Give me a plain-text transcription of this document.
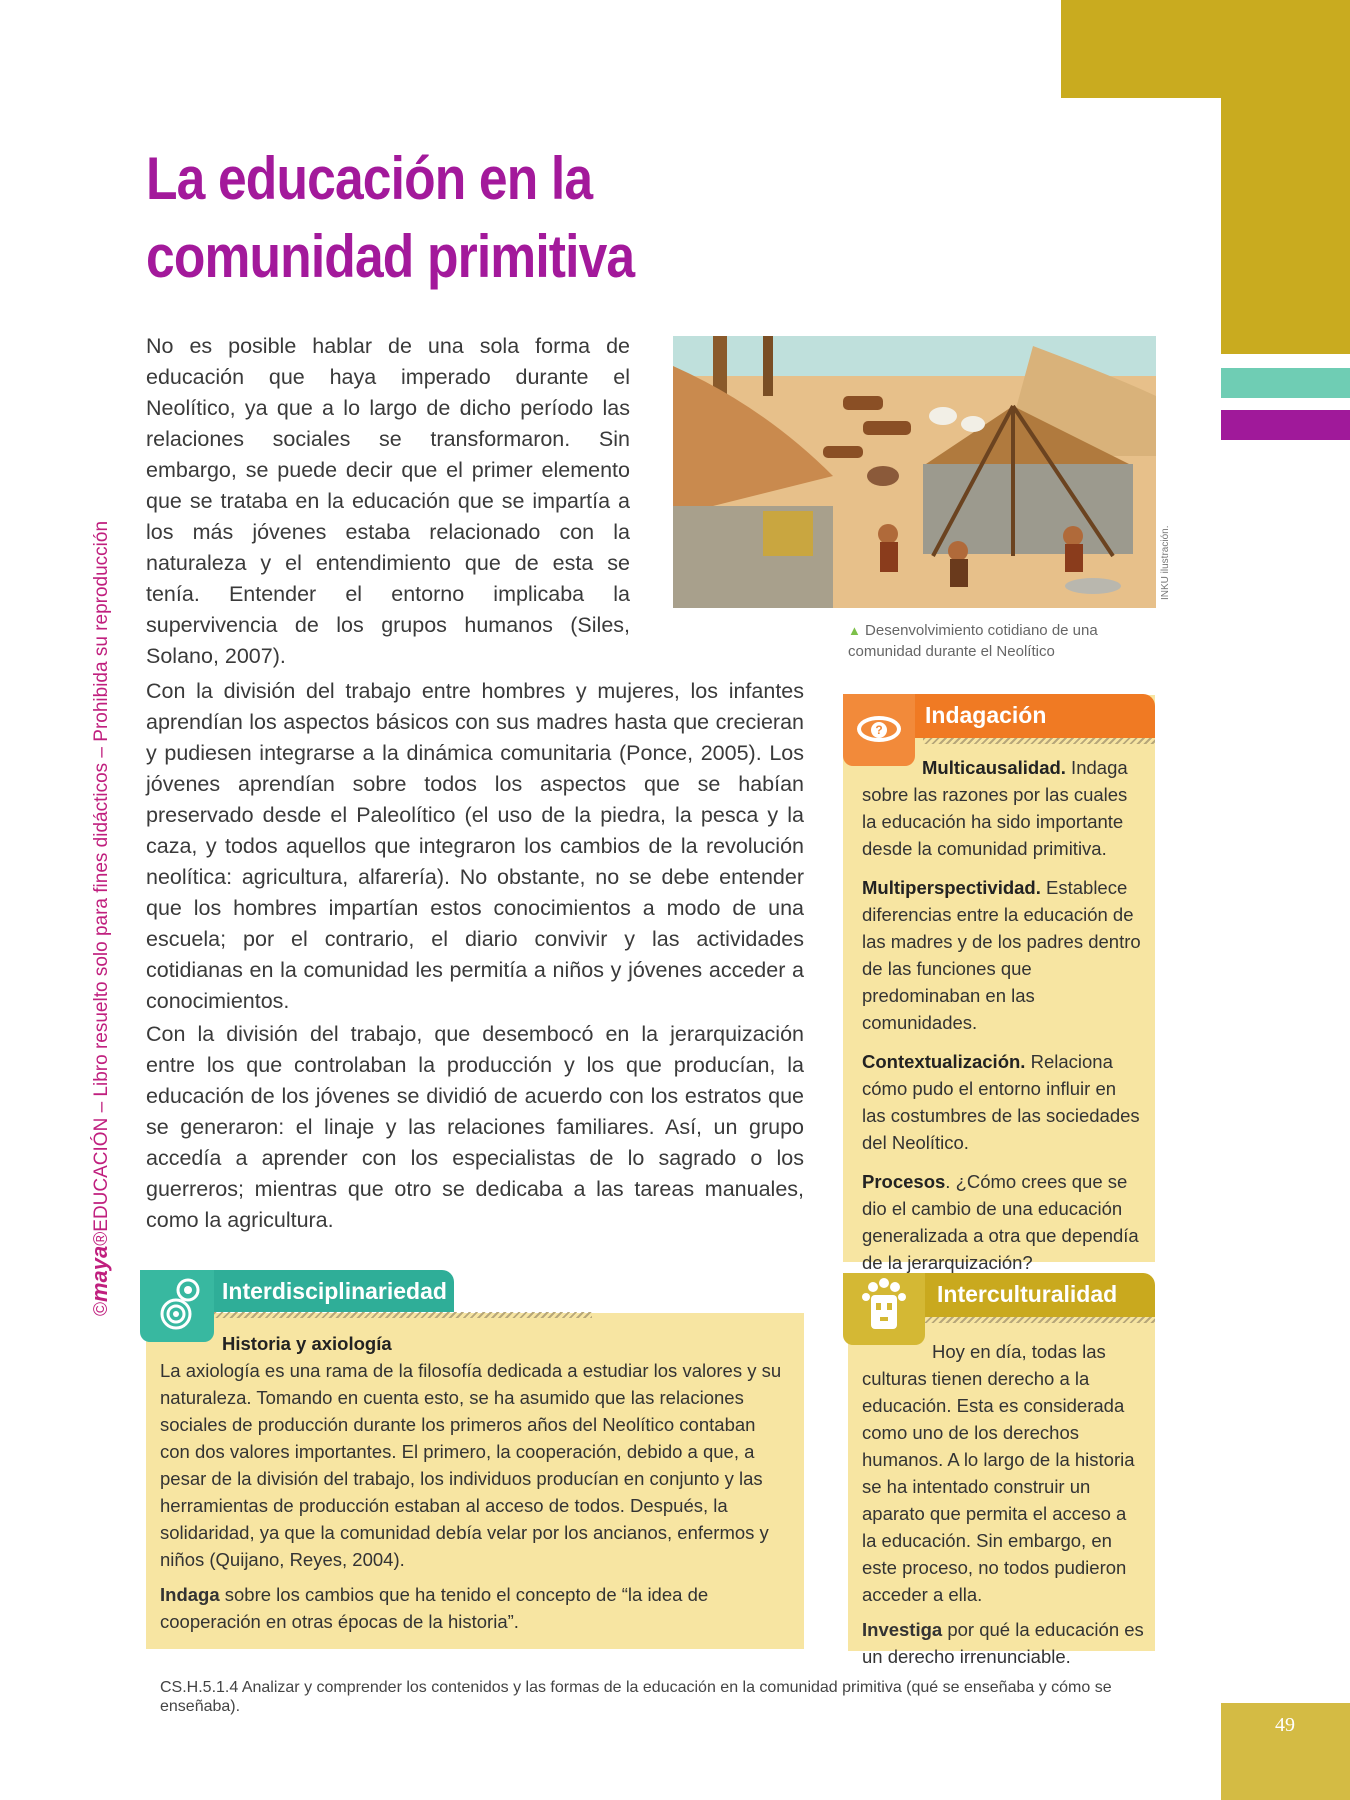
49
©maya®EDUCACIÓN – Libro resuelto solo para fines didácticos – Prohibida su reproducción
La educación en la comunidad primitiva

No es posible hablar de una sola forma de educación que haya imperado durante el Neolítico, ya que a lo largo de dicho período las relaciones sociales se transformaron. Sin embargo, se puede decir que el primer elemento que se trataba en la educación que se impartía a los más jóvenes estaba relacionado con la naturaleza y el entendimiento que de esta se tenía. Entender el entorno implicaba la supervivencia de los grupos humanos (Siles, Solano, 2007).

Con la división del trabajo entre hombres y mujeres, los infantes aprendían los aspectos básicos con sus madres hasta que crecieran y pudiesen integrarse a la dinámica comunitaria (Ponce, 2005). Los jóvenes aprendían sobre todos los aspectos que se habían preservado desde el Paleolítico (el uso de la piedra, la pesca y la caza, y todos aquellos que integraron los cambios de la revolución neolítica: agricultura, alfarería). No obstante, no se debe entender que los hombres impartían estos conocimientos a modo de una escuela; por el contrario, el diario convivir y las actividades cotidianas en la comunidad les permitía a niños y jóvenes acceder a conocimientos.

Con la división del trabajo, que desembocó en la jerarquización entre los que controlaban la producción y los que producían, la educación de los jóvenes se dividió de acuerdo con los estratos que se generaron: el linaje y las relaciones familiares. Así, un grupo accedía a aprender con los especialistas de lo sagrado o los guerreros; mientras que otro se dedicaba a las tareas manuales, como la agricultura.

INKU ilustración.
▲ Desenvolvimiento cotidiano de una comunidad durante el Neolítico
Indagación
?

Multicausalidad. Indaga sobre las razones por las cuales la educación ha sido importante desde la comunidad primitiva.

Multiperspectividad. Establece diferencias entre la educación de las madres y de los padres dentro de las funciones que predominaban en las comunidades.

Contextualización. Relaciona cómo pudo el entorno influir en las costumbres de las sociedades del Neolítico.

Procesos. ¿Cómo crees que se dio el cambio de una educación generalizada a otra que dependía de la jerarquización?

Interculturalidad

Hoy en día, todas las culturas tienen derecho a la educación. Esta es considerada como uno de los derechos humanos. A lo largo de la historia se ha intentado construir un aparato que permita el acceso a la educación. Sin embargo, en este proceso, no todos pudieron acceder a ella.

Investiga por qué la educación es un derecho irrenunciable.

Interdisciplinariedad
Historia y axiología

La axiología es una rama de la filosofía dedicada a estudiar los valores y su naturaleza. Tomando en cuenta esto, se ha asumido que las relaciones sociales de producción durante los primeros años del Neolítico contaban con dos valores importantes. El primero, la cooperación, debido a que, a pesar de la división del trabajo, los individuos producían en conjunto y las herramientas de producción estaban al acceso de todos. Después, la solidaridad, ya que la comunidad debía velar por los ancianos, enfermos y niños (Quijano, Reyes, 2004).

Indaga sobre los cambios que ha tenido el concepto de “la idea de cooperación en otras épocas de la historia”.

CS.H.5.1.4 Analizar y comprender los contenidos y las formas de la educación en la comunidad primitiva (qué se enseñaba y cómo se enseñaba).
